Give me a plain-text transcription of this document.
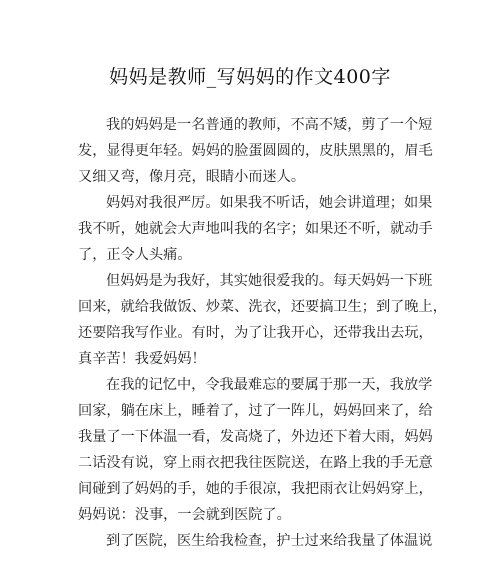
妈妈是教师_写妈妈的作文400字
我的妈妈是一名普通的教师，不高不矮，剪了一个短
发，显得更年轻。妈妈的脸蛋圆圆的，皮肤黑黑的，眉毛
又细又弯，像月亮，眼睛小而迷人。
妈妈对我很严厉。如果我不听话，她会讲道理；如果
我不听，她就会大声地叫我的名字；如果还不听，就动手
了，正令人头痛。
但妈妈是为我好，其实她很爱我的。每天妈妈一下班
回来，就给我做饭、炒菜、洗衣，还要搞卫生；到了晚上，
还要陪我写作业。有时，为了让我开心，还带我出去玩，
真辛苦！我爱妈妈！
在我的记忆中，令我最难忘的要属于那一天，我放学
回家，躺在床上，睡着了，过了一阵儿，妈妈回来了，给
我量了一下体温一看，发高烧了，外边还下着大雨，妈妈
二话没有说，穿上雨衣把我往医院送，在路上我的手无意
间碰到了妈妈的手，她的手很凉，我把雨衣让妈妈穿上，
妈妈说：没事，一会就到医院了。
到了医院，医生给我检查，护士过来给我量了体温说
